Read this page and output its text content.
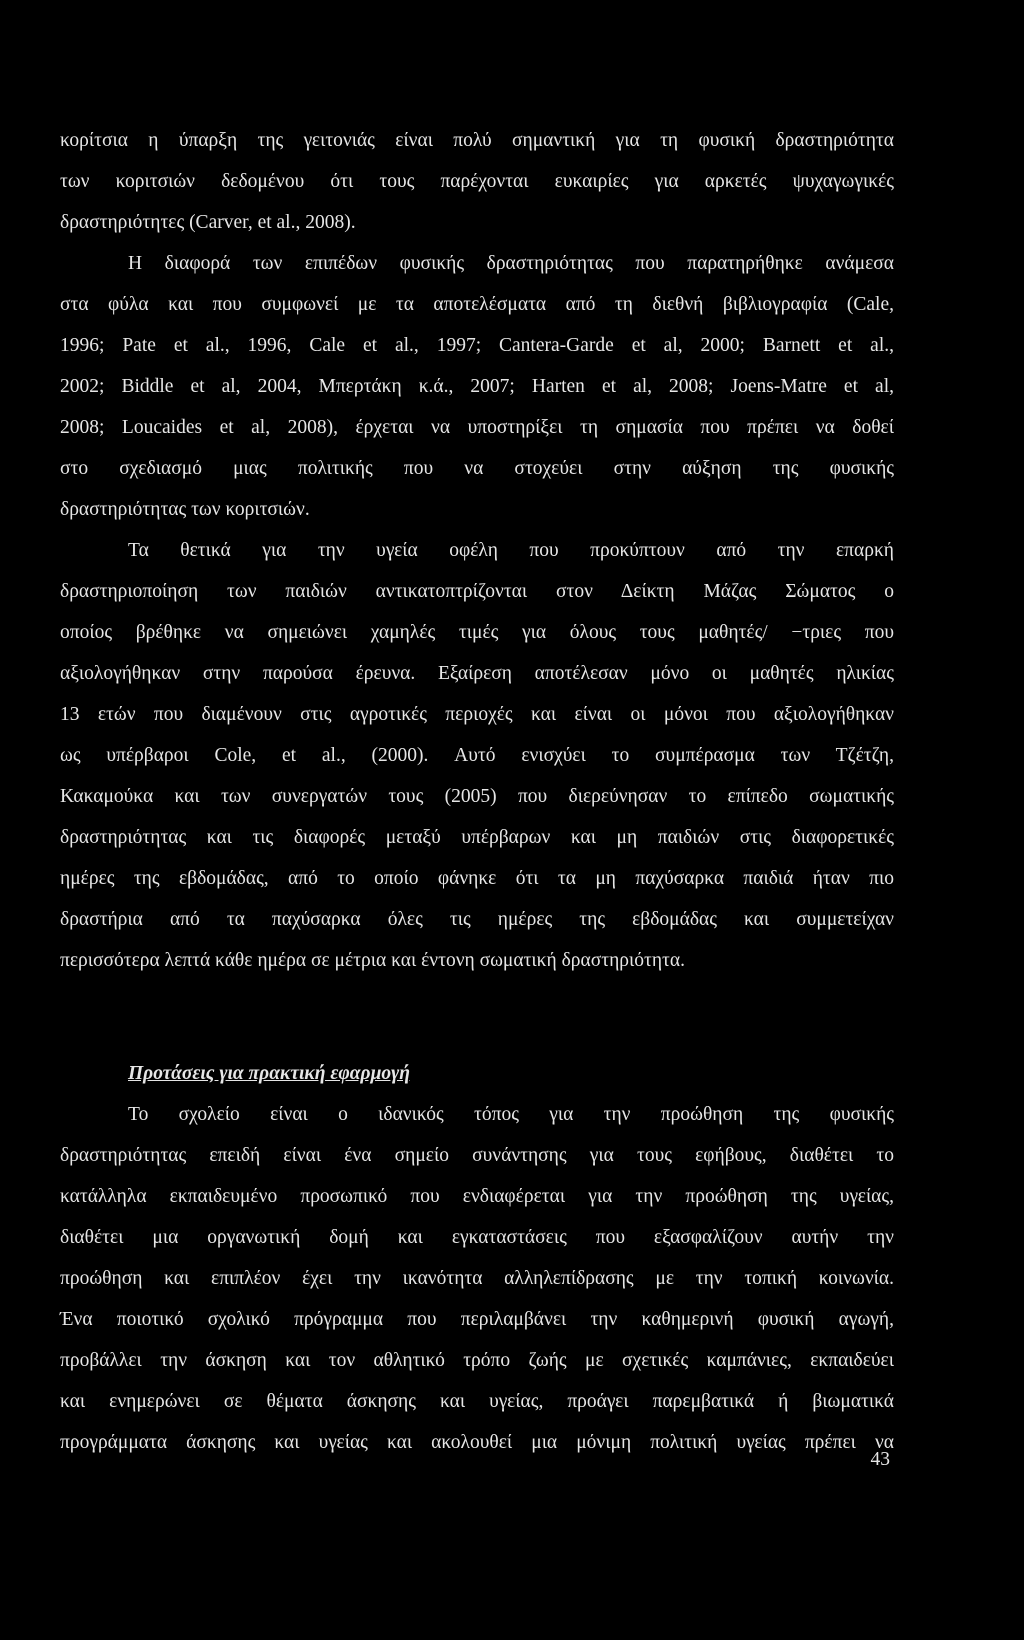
κορίτσια η ύπαρξη της γειτονιάς είναι πολύ σημαντική για τη φυσική δραστηριότητα
των κοριτσιών δεδομένου ότι τους παρέχονται ευκαιρίες για αρκετές ψυχαγωγικές
δραστηριότητες (Carver, et al., 2008).
Η διαφορά των επιπέδων φυσικής δραστηριότητας που παρατηρήθηκε ανάμεσα
στα φύλα και που συμφωνεί με τα αποτελέσματα από τη διεθνή βιβλιογραφία (Cale,
1996; Pate et al., 1996, Cale et al., 1997; Cantera-Garde et al, 2000; Barnett et al.,
2002; Biddle et al, 2004, Μπερτάκη κ.ά., 2007; Harten et al, 2008; Joens-Matre et al,
2008; Loucaides et al, 2008), έρχεται να υποστηρίξει τη σημασία που πρέπει να δοθεί
στο σχεδιασμό μιας πολιτικής που να στοχεύει στην αύξηση της φυσικής
δραστηριότητας των κοριτσιών.
Τα θετικά για την υγεία οφέλη που προκύπτουν από την επαρκή
δραστηριοποίηση των παιδιών αντικατοπτρίζονται στον Δείκτη Μάζας Σώματος ο
οποίος βρέθηκε να σημειώνει χαμηλές τιμές για όλους τους μαθητές/ −τριες που
αξιολογήθηκαν στην παρούσα έρευνα. Εξαίρεση αποτέλεσαν μόνο οι μαθητές ηλικίας
13 ετών που διαμένουν στις αγροτικές περιοχές και είναι οι μόνοι που αξιολογήθηκαν
ως υπέρβαροι Cole, et al., (2000). Αυτό ενισχύει το συμπέρασμα των Τζέτζη,
Κακαμούκα και των συνεργατών τους (2005) που διερεύνησαν το επίπεδο σωματικής
δραστηριότητας και τις διαφορές μεταξύ υπέρβαρων και μη παιδιών στις διαφορετικές
ημέρες της εβδομάδας, από το οποίο φάνηκε ότι τα μη παχύσαρκα παιδιά ήταν πιο
δραστήρια από τα παχύσαρκα όλες τις ημέρες της εβδομάδας και συμμετείχαν
περισσότερα λεπτά κάθε ημέρα σε μέτρια και έντονη σωματική δραστηριότητα.
Προτάσεις για πρακτική εφαρμογή
Το σχολείο είναι ο ιδανικός τόπος για την προώθηση της φυσικής
δραστηριότητας επειδή είναι ένα σημείο συνάντησης για τους εφήβους, διαθέτει το
κατάλληλα εκπαιδευμένο προσωπικό που ενδιαφέρεται για την προώθηση της υγείας,
διαθέτει μια οργανωτική δομή και εγκαταστάσεις που εξασφαλίζουν αυτήν την
προώθηση και επιπλέον έχει την ικανότητα αλληλεπίδρασης με την τοπική κοινωνία.
Ένα ποιοτικό σχολικό πρόγραμμα που περιλαμβάνει την καθημερινή φυσική αγωγή,
προβάλλει την άσκηση και τον αθλητικό τρόπο ζωής με σχετικές καμπάνιες, εκπαιδεύει
και ενημερώνει σε θέματα άσκησης και υγείας, προάγει παρεμβατικά ή βιωματικά
προγράμματα άσκησης και υγείας και ακολουθεί μια μόνιμη πολιτική υγείας πρέπει να
43
